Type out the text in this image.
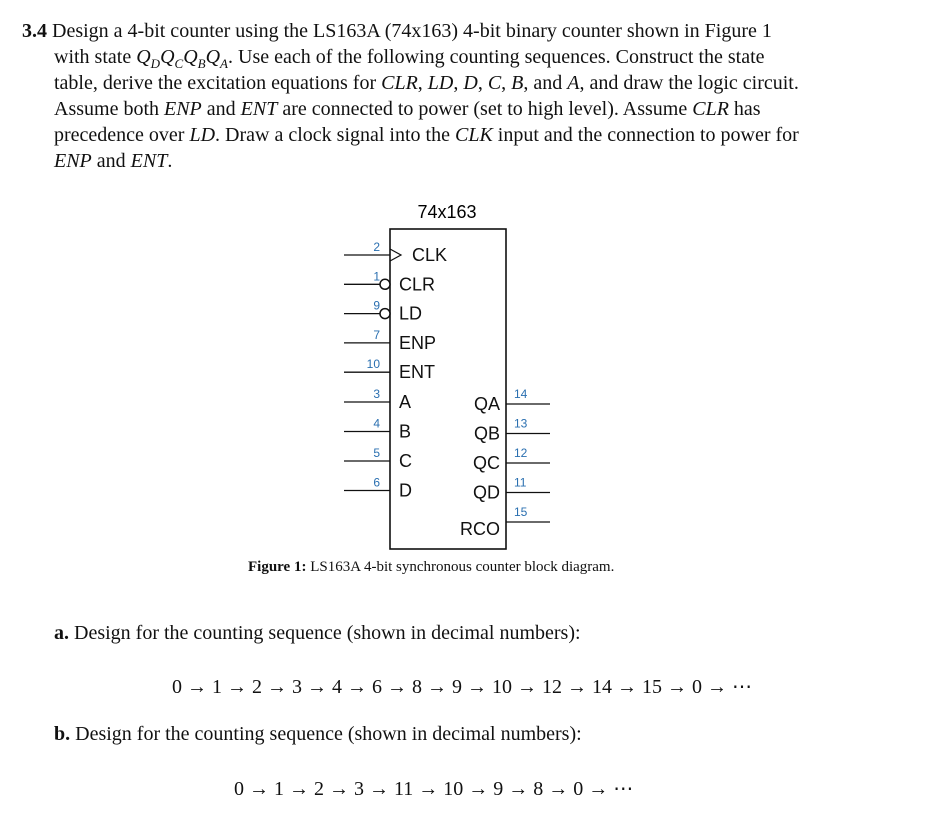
3.4 Design a 4-bit counter using the LS163A (74x163) 4-bit binary counter shown in Figure 1
with state $Q_DQ_CQ_BQ_A$. Use each of the following counting sequences. Construct the state
table, derive the excitation equations for CLR, LD, D, C, B, and A, and draw the logic circuit.
Assume both ENP and ENT are connected to power (set to high level). Assume CLR has
precedence over LD. Draw a clock signal into the CLK input and the connection to power for
ENP and ENT.
74x163
2 CLK
1 CLR
9 LD
7 ENP
10 ENT
3 A
4 B
5 C
6 D
14
QA
13
QB
12
QC
11
QD
15
RCO
Figure 1: LS163A 4-bit synchronous counter block diagram.
a. Design for the counting sequence (shown in decimal numbers):
0 → 1 → 2 → 3 → 4 → 6 → 8 → 9 → 10 → 12 → 14 → 15 → 0 → ⋯
b. Design for the counting sequence (shown in decimal numbers):
0 → 1 → 2 → 3 → 11 → 10 → 9 → 8 → 0 → ⋯
